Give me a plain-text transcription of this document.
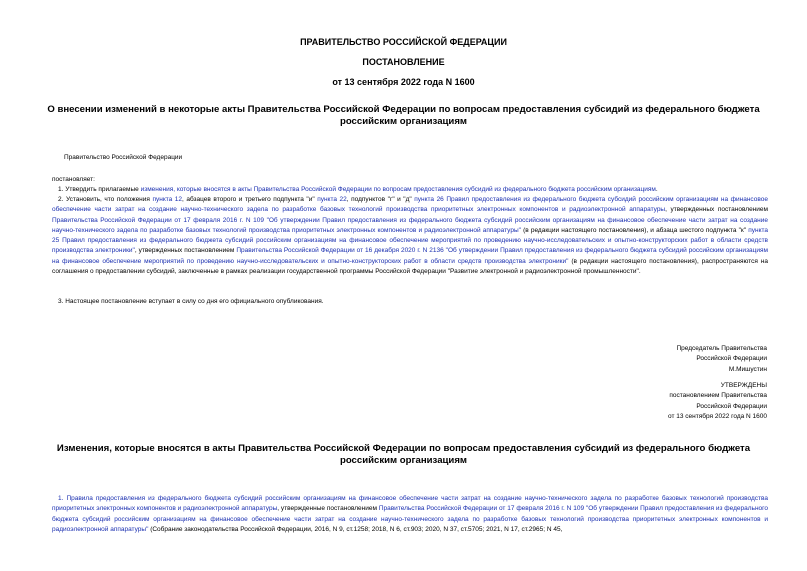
ПРАВИТЕЛЬСТВО РОССИЙСКОЙ ФЕДЕРАЦИИ
ПОСТАНОВЛЕНИЕ
от 13 сентября 2022 года N 1600
О внесении изменений в некоторые акты Правительства Российской Федерации по вопросам предоставления субсидий из федерального бюджета российским организациям
Правительство Российской Федерации
постановляет:
1. Утвердить прилагаемые изменения, которые вносятся в акты Правительства Российской Федерации по вопросам предоставления субсидий из федерального бюджета российским организациям.
2. Установить, что положения пункта 12, абзацев второго и третьего подпункта "и" пункта 22, подпунктов "г" и "д" пункта 26 Правил предоставления из федерального бюджета субсидий российским организациям на финансовое обеспечение части затрат на создание научно-технического задела по разработке базовых технологий производства приоритетных электронных компонентов и радиоэлектронной аппаратуры, утвержденных постановлением Правительства Российской Федерации от 17 февраля 2016 г. N 109 "Об утверждении Правил предоставления из федерального бюджета субсидий российским организациям на финансовое обеспечение части затрат на создание научно-технического задела по разработке базовых технологий производства приоритетных электронных компонентов и радиоэлектронной аппаратуры" (в редакции настоящего постановления), и абзаца шестого подпункта "к" пункта 25 Правил предоставления из федерального бюджета субсидий российским организациям на финансовое обеспечение мероприятий по проведению научно-исследовательских и опытно-конструкторских работ в области средств производства электроники", утвержденных постановлением Правительства Российской Федерации от 16 декабря 2020 г. N 2136 "Об утверждении Правил предоставления из федерального бюджета субсидий российским организациям на финансовое обеспечение мероприятий по проведению научно-исследовательских и опытно-конструкторских работ в области средств производства электроники" (в редакции настоящего постановления), распространяются на соглашения о предоставлении субсидий, заключенные в рамках реализации государственной программы Российской Федерации "Развитие электронной и радиоэлектронной промышленности".
3. Настоящее постановление вступает в силу со дня его официального опубликования.
Председатель Правительства
Российской Федерации
М.Мишустин
УТВЕРЖДЕНЫ
постановлением Правительства
Российской Федерации
от 13 сентября 2022 года N 1600
Изменения, которые вносятся в акты Правительства Российской Федерации по вопросам предоставления субсидий из федерального бюджета российским организациям
1. Правила предоставления из федерального бюджета субсидий российским организациям на финансовое обеспечение части затрат на создание научно-технического задела по разработке базовых технологий производства приоритетных электронных компонентов и радиоэлектронной аппаратуры, утвержденные постановлением Правительства Российской Федерации от 17 февраля 2016 г. N 109 "Об утверждении Правил предоставления из федерального бюджета субсидий российским организациям на финансовое обеспечение части затрат на создание научно-технического задела по разработке базовых технологий производства приоритетных электронных компонентов и радиоэлектронной аппаратуры" (Собрание законодательства Российской Федерации, 2016, N 9, ст.1258; 2018, N 6, ст.903; 2020, N 37, ст.5705; 2021, N 17, ст.2965; N 45,
